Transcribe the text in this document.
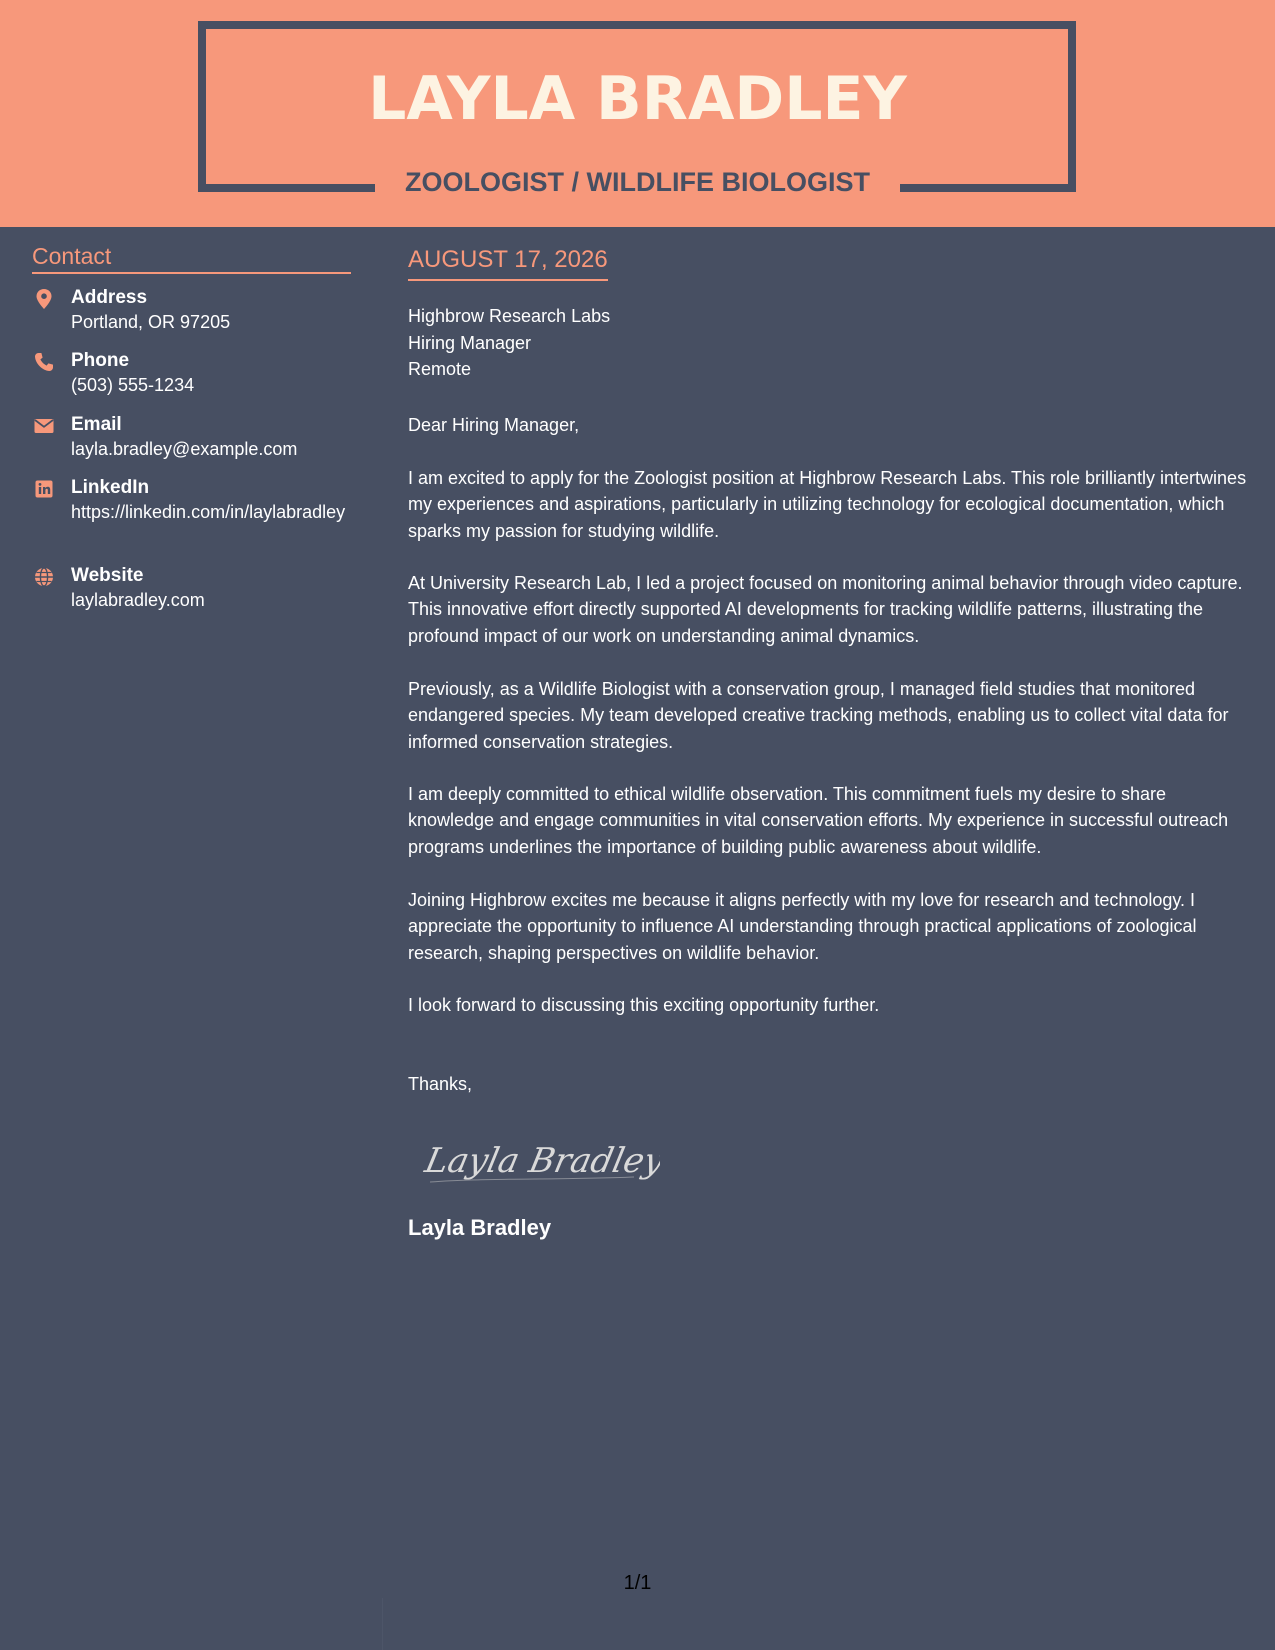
LAYLA BRADLEY
ZOOLOGIST / WILDLIFE BIOLOGIST
Contact
Address
Portland, OR 97205
Phone
(503) 555-1234
Email
layla.bradley@example.com
LinkedIn
https://linkedin.com/in/laylabradley
Website
laylabradley.com
AUGUST 17, 2026
Highbrow Research Labs
Hiring Manager
Remote
Dear Hiring Manager,

I am excited to apply for the Zoologist position at Highbrow Research Labs. This role brilliantly intertwines my experiences and aspirations, particularly in utilizing technology for ecological documentation, which sparks my passion for studying wildlife.

At University Research Lab, I led a project focused on monitoring animal behavior through video capture. This innovative effort directly supported AI developments for tracking wildlife patterns, illustrating the profound impact of our work on understanding animal dynamics.

Previously, as a Wildlife Biologist with a conservation group, I managed field studies that monitored endangered species. My team developed creative tracking methods, enabling us to collect vital data for informed conservation strategies.

I am deeply committed to ethical wildlife observation. This commitment fuels my desire to share knowledge and engage communities in vital conservation efforts. My experience in successful outreach programs underlines the importance of building public awareness about wildlife.

Joining Highbrow excites me because it aligns perfectly with my love for research and technology. I appreciate the opportunity to influence AI understanding through practical applications of zoological research, shaping perspectives on wildlife behavior.

I look forward to discussing this exciting opportunity further.

Thanks,
Layla Bradley
Layla Bradley
1/1
